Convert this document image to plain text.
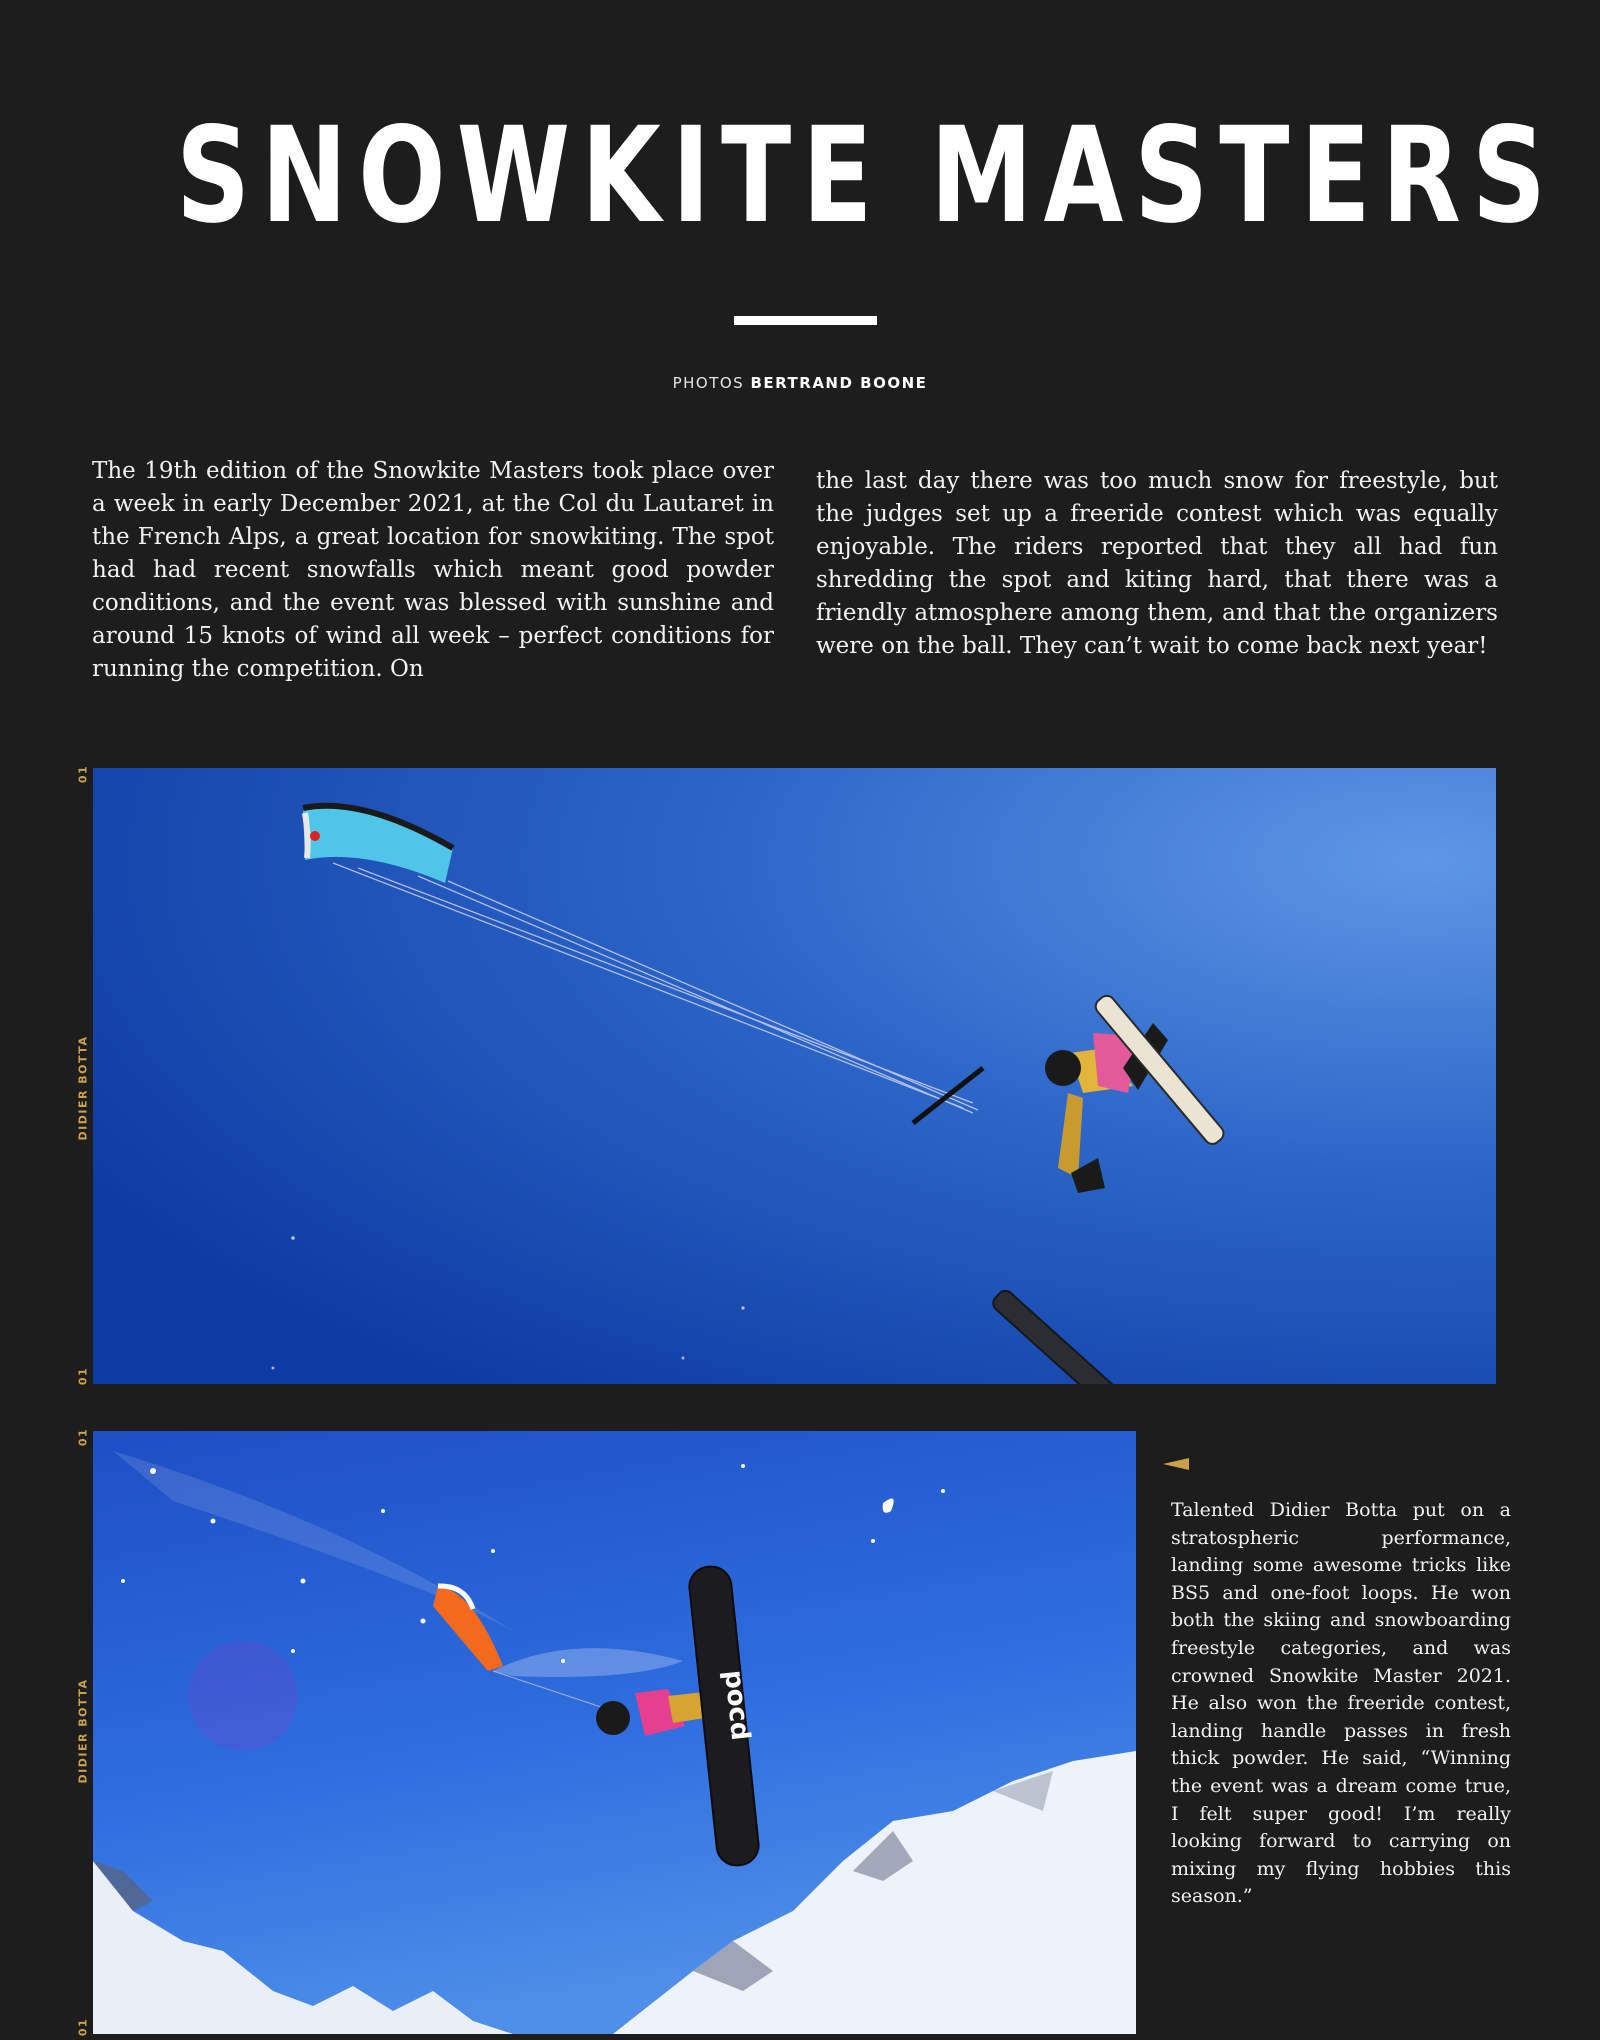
SNOWKITE MASTERS
PHOTOS BERTRAND BOONE

The 19th edition of the Snowkite Masters took place over a week in early December 2021, at the Col du Lautaret in the French Alps, a great location for snowkiting. The spot had had recent snowfalls which meant good powder conditions, and the event was blessed with sunshine and around 15 knots of wind all week – perfect conditions for running the competition. On

the last day there was too much snow for freestyle, but the judges set up a freeride contest which was equally enjoyable. The riders reported that they all had fun shredding the spot and kiting hard, that there was a friendly atmosphere among them, and that the organizers were on the ball. They can’t wait to come back next year!

01
DIDIER BOTTA
01
01
DIDIER BOTTA
01
pocd

Talented Didier Botta put on a stratospheric performance, landing some awesome tricks like BS5 and one-foot loops. He won both the skiing and snowboarding freestyle categories, and was crowned Snowkite Master 2021. He also won the freeride contest, landing handle passes in fresh thick powder. He said, “Winning the event was a dream come true, I felt super good! I’m really looking forward to carrying on mixing my flying hobbies this season.”
